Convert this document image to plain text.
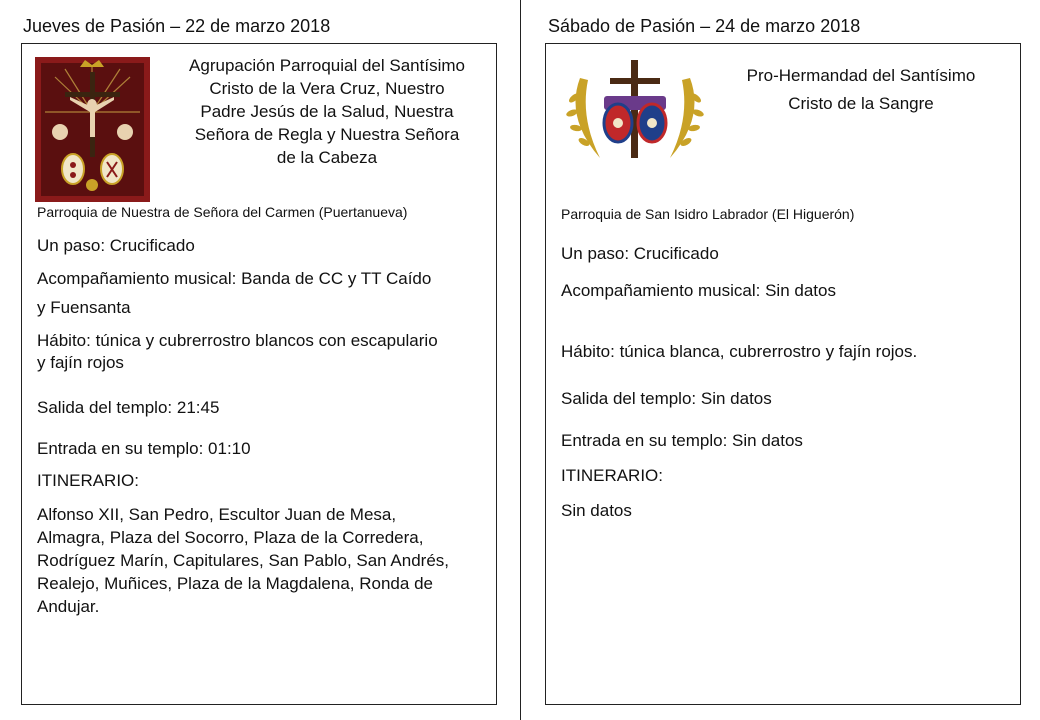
Jueves de Pasión – 22 de marzo 2018
Agrupación Parroquial del Santísimo
Cristo de la Vera Cruz, Nuestro
Padre Jesús de la Salud, Nuestra
Señora de Regla y Nuestra Señora
de la Cabeza
Parroquia de Nuestra de Señora del Carmen (Puertanueva)
Un paso: Crucificado
Acompañamiento musical: Banda de CC y TT Caído
y Fuensanta
Hábito: túnica y cubrerrostro blancos con escapulario
y fajín rojos
Salida del templo: 21:45
Entrada en su templo: 01:10
ITINERARIO:
Alfonso XII, San Pedro, Escultor Juan de Mesa,
Almagra, Plaza del Socorro, Plaza de la Corredera,
Rodríguez Marín, Capitulares, San Pablo, San Andrés,
Realejo, Muñices, Plaza de la Magdalena, Ronda de
Andujar.
Sábado de Pasión – 24 de marzo 2018
Pro-Hermandad del Santísimo
Cristo de la Sangre
Parroquia de San Isidro Labrador (El Higuerón)
Un paso: Crucificado
Acompañamiento musical: Sin datos
Hábito: túnica blanca, cubrerrostro y fajín rojos.
Salida del templo: Sin datos
Entrada en su templo: Sin datos
ITINERARIO:
Sin datos
